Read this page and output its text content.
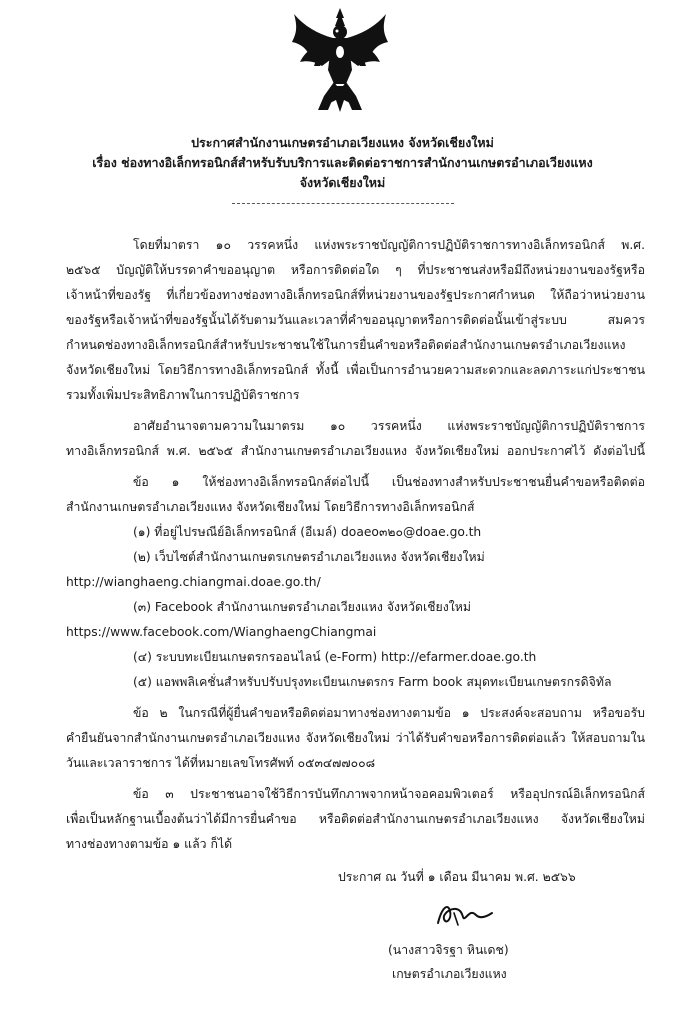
ประกาศสำนักงานเกษตรอำเภอเวียงแหง จังหวัดเชียงใหม่
เรื่อง ช่องทางอิเล็กทรอนิกส์สำหรับรับบริการและติดต่อราชการสำนักงานเกษตรอำเภอเวียงแหง
จังหวัดเชียงใหม่
โดยที่มาตรา ๑๐ วรรคหนึ่ง แห่งพระราชบัญญัติการปฏิบัติราชการทางอิเล็กทรอนิกส์ พ.ศ.
๒๕๖๕ บัญญัติให้บรรดาคำขออนุญาต หรือการติดต่อใด ๆ ที่ประชาชนส่งหรือมีถึงหน่วยงานของรัฐหรือ
เจ้าหน้าที่ของรัฐ ที่เกี่ยวข้องทางช่องทางอิเล็กทรอนิกส์ที่หน่วยงานของรัฐประกาศกำหนด ให้ถือว่าหน่วยงาน
ของรัฐหรือเจ้าหน้าที่ของรัฐนั้นได้รับตามวันและเวลาที่คำขออนุญาตหรือการติดต่อนั้นเข้าสู่ระบบ สมควร
กำหนดช่องทางอิเล็กทรอนิกส์สำหรับประชาชนใช้ในการยื่นคำขอหรือติดต่อสำนักงานเกษตรอำเภอเวียงแหง
จังหวัดเชียงใหม่ โดยวิธีการทางอิเล็กทรอนิกส์ ทั้งนี้ เพื่อเป็นการอำนวยความสะดวกและลดภาระแก่ประชาชน
รวมทั้งเพิ่มประสิทธิภาพในการปฏิบัติราชการ
อาศัยอำนาจตามความในมาตรม ๑๐ วรรคหนึ่ง แห่งพระราชบัญญัติการปฏิบัติราชการ
ทางอิเล็กทรอนิกส์ พ.ศ. ๒๕๖๕ สำนักงานเกษตรอำเภอเวียงแหง จังหวัดเชียงใหม่ ออกประกาศไว้ ดังต่อไปนี้
ข้อ ๑ ให้ช่องทางอิเล็กทรอนิกส์ต่อไปนี้ เป็นช่องทางสำหรับประชาชนยื่นคำขอหรือติดต่อ
สำนักงานเกษตรอำเภอเวียงแหง จังหวัดเชียงใหม่ โดยวิธีการทางอิเล็กทรอนิกส์
(๑) ที่อยู่ไปรษณีย์อิเล็กทรอนิกส์ (อีเมล์) doaeo๓๒๐@doae.go.th
(๒) เว็บไซต์สำนักงานเกษตรเกษตรอำเภอเวียงแหง จังหวัดเชียงใหม่
http://wianghaeng.chiangmai.doae.go.th/
(๓) Facebook สำนักงานเกษตรอำเภอเวียงแหง จังหวัดเชียงใหม่
https://www.facebook.com/WianghaengChiangmai
(๔) ระบบทะเบียนเกษตรกรออนไลน์ (e-Form) http://efarmer.doae.go.th
(๕) แอพพลิเคชั่นสำหรับปรับปรุงทะเบียนเกษตรกร Farm book สมุดทะเบียนเกษตรกรดิจิทัล
ข้อ ๒ ในกรณีที่ผู้ยื่นคำขอหรือติดต่อมาทางช่องทางตามข้อ ๑ ประสงค์จะสอบถาม หรือขอรับ
คำยืนยันจากสำนักงานเกษตรอำเภอเวียงแหง จังหวัดเชียงใหม่ ว่าได้รับคำขอหรือการติดต่อแล้ว ให้สอบถามใน
วันและเวลาราชการ ได้ที่หมายเลขโทรศัพท์ ๐๕๓๔๗๗๐๐๘
ข้อ ๓ ประชาชนอาจใช้วิธีการบันทึกภาพจากหน้าจอคอมพิวเตอร์ หรืออุปกรณ์อิเล็กทรอนิกส์
เพื่อเป็นหลักฐานเบื้องต้นว่าได้มีการยื่นคำขอ หรือติดต่อสำนักงานเกษตรอำเภอเวียงแหง จังหวัดเชียงใหม่
ทางช่องทางตามข้อ ๑ แล้ว ก็ได้
ประกาศ ณ วันที่ ๑ เดือน มีนาคม พ.ศ. ๒๕๖๖
(นางสาวจิรฐา หินเดช)
เกษตรอำเภอเวียงแหง
